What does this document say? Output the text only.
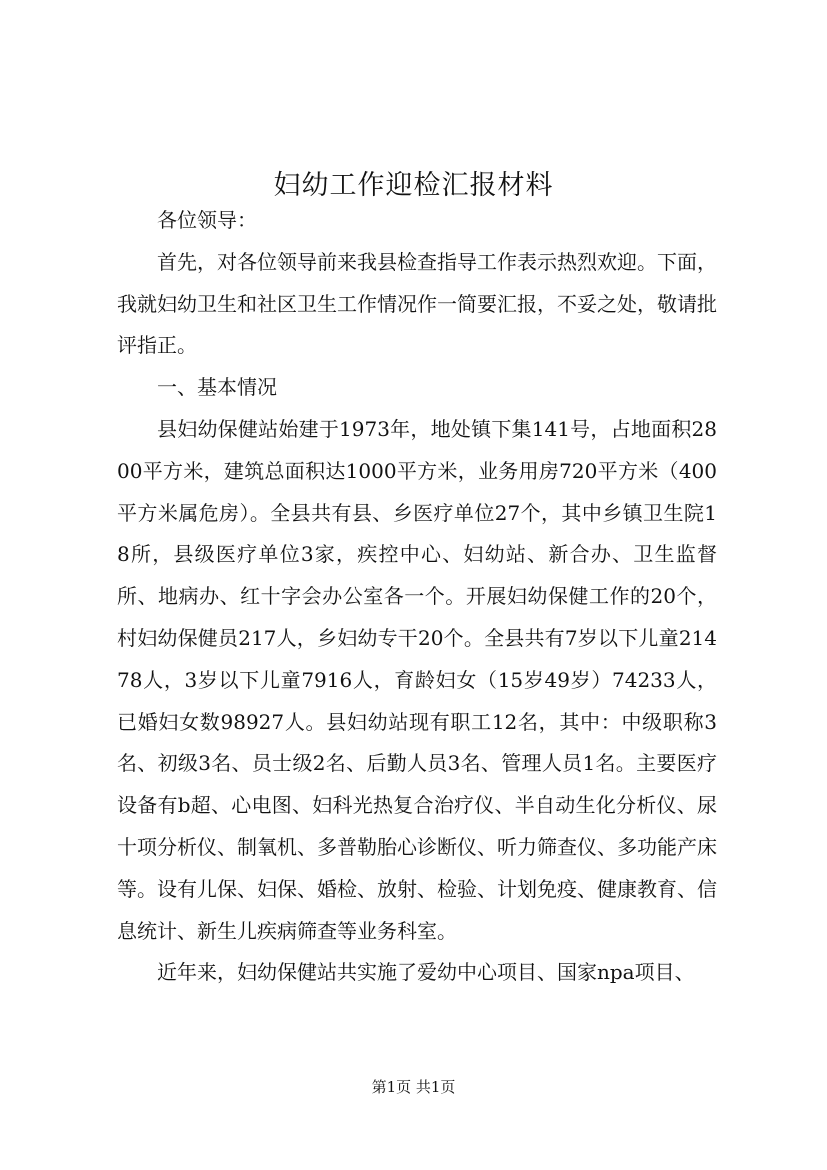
妇幼工作迎检汇报材料

各位领导：

首先，对各位领导前来我县检查指导工作表示热烈欢迎。下面，我就妇幼卫生和社区卫生工作情况作一简要汇报，不妥之处，敬请批评指正。

一、基本情况

县妇幼保健站始建于1973年，地处镇下集141号，占地面积2800平方米，建筑总面积达1000平方米，业务用房720平方米（400平方米属危房）。全县共有县、乡医疗单位27个，其中乡镇卫生院18所，县级医疗单位3家，疾控中心、妇幼站、新合办、卫生监督所、地病办、红十字会办公室各一个。开展妇幼保健工作的20个，村妇幼保健员217人，乡妇幼专干20个。全县共有7岁以下儿童21478人，3岁以下儿童7916人，育龄妇女（15岁49岁）74233人，已婚妇女数98927人。县妇幼站现有职工12名，其中：中级职称3名、初级3名、员士级2名、后勤人员3名、管理人员1名。主要医疗设备有b超、心电图、妇科光热复合治疗仪、半自动生化分析仪、尿十项分析仪、制氧机、多普勒胎心诊断仪、听力筛查仪、多功能产床等。设有儿保、妇保、婚检、放射、检验、计划免疫、健康教育、信息统计、新生儿疾病筛查等业务科室。

近年来，妇幼保健站共实施了爱幼中心项目、国家npa项目、

第1页 共1页
